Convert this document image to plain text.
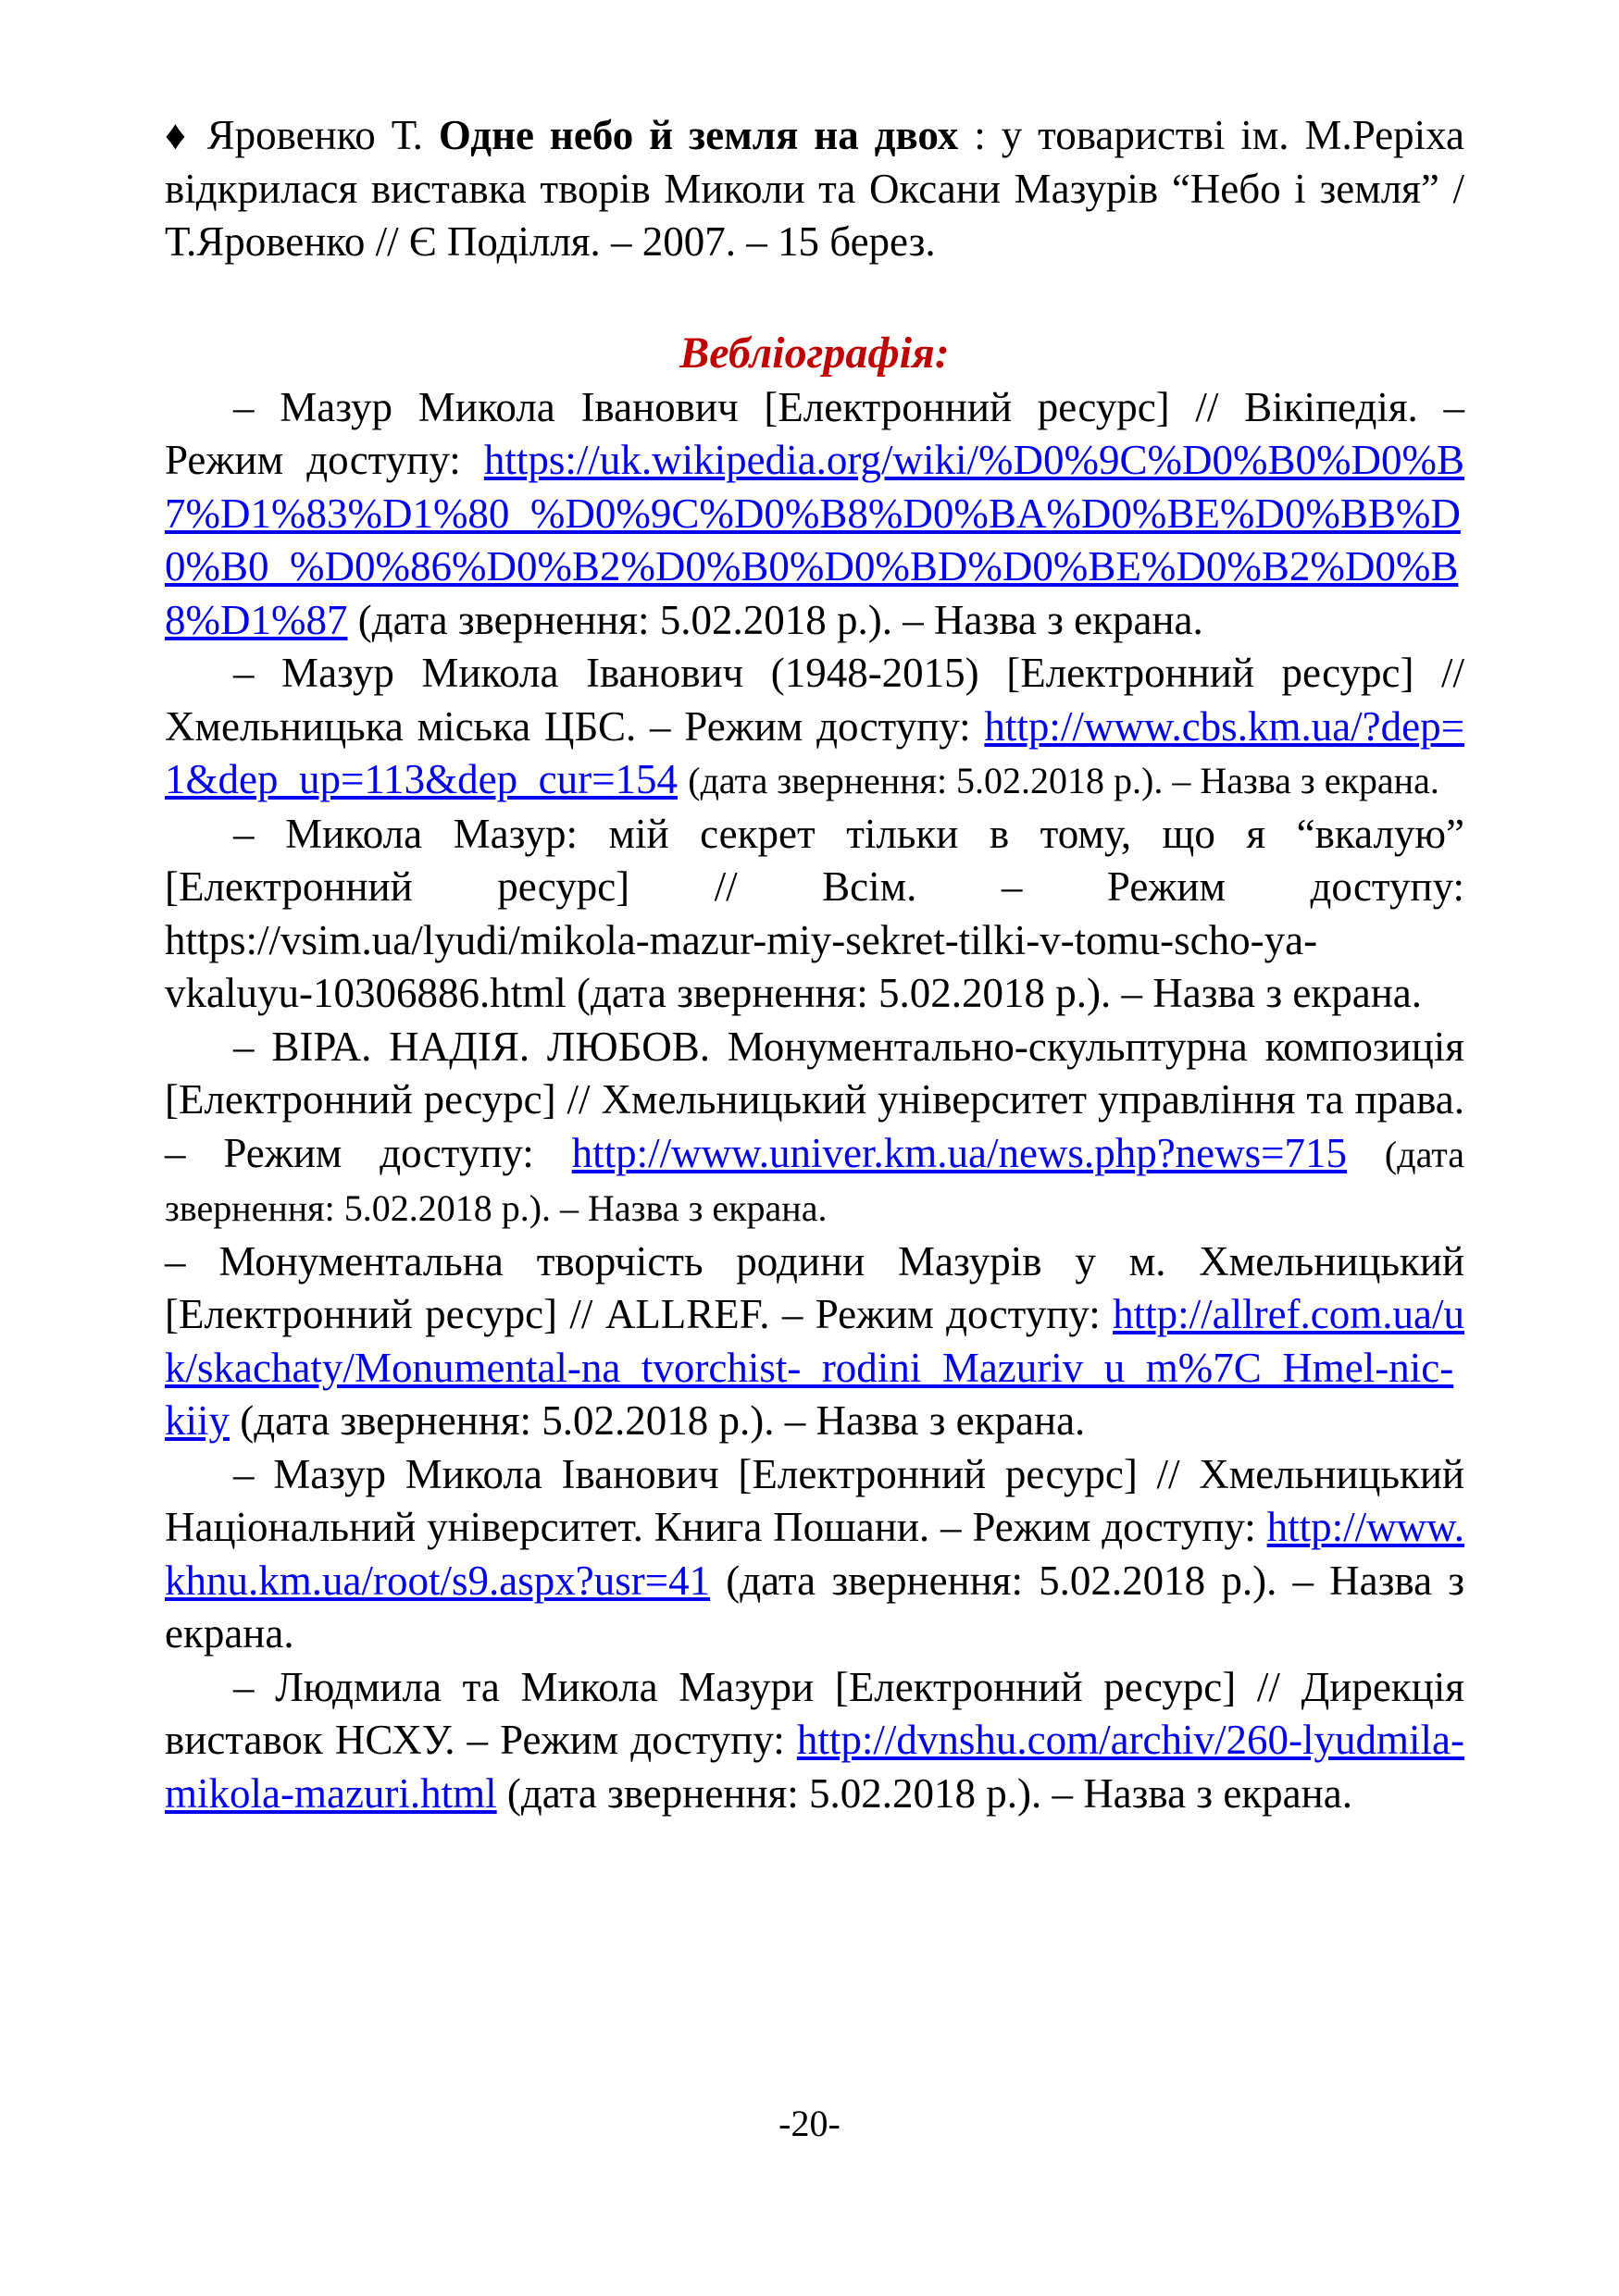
♦ Яровенко Т. Одне небо й земля на двох : у товаристві ім. М.Реріха відкрилася виставка творів Миколи та Оксани Мазурів “Небо і земля” / Т.Яровенко // Є Поділля. – 2007. – 15 берез.

Вебліографія:

– Мазур Микола Іванович [Електронний ресурс] // Вікіпедія. – Режим доступу: https://uk.wikipedia.org/wiki/%D0%9C%D0%B0%D0%B7%D1%83%D1%80_%D0%9C%D0%B8%D0%BA%D0%BE%D0%BB%D0%B0_%D0%86%D0%B2%D0%B0%D0%BD%D0%BE%D0%B2%D0%B8%D1%87 (дата звернення: 5.02.2018 р.). – Назва з екрана.

– Мазур Микола Іванович (1948-2015) [Електронний ресурс] // Хмельницька міська ЦБС. – Режим доступу: http://www.cbs.km.ua/?dep=1&dep_up=113&dep_cur=154 (дата звернення: 5.02.2018 р.). – Назва з екрана.

– Микола Мазур: мій секрет тільки в тому, що я “вкалую” [Електронний ресурс] // Всім. – Режим доступу: https://vsim.ua/lyudi/mikola-mazur-miy-sekret-tilki-v-tomu-scho-ya-vkaluyu-10306886.html (дата звернення: 5.02.2018 р.). – Назва з екрана.

– ВІРА. НАДІЯ. ЛЮБОВ. Монументально-скульптурна композиція [Електронний ресурс] // Хмельницький університет управління та права. – Режим доступу: http://www.univer.km.ua/news.php?news=715 (дата звернення: 5.02.2018 р.). – Назва з екрана.

– Монументальна творчість родини Мазурів у м. Хмельницький [Електронний ресурс] // ALLREF. – Режим доступу: http://allref.com.ua/uk/skachaty/Monumental-na_tvorchist-_rodini_Mazuriv_u_m%7C_Hmel-nic-kiiy (дата звернення: 5.02.2018 р.). – Назва з екрана.

– Мазур Микола Іванович [Електронний ресурс] // Хмельницький Національний університет. Книга Пошани. – Режим доступу: http://www.khnu.km.ua/root/s9.aspx?usr=41 (дата звернення: 5.02.2018 р.). – Назва з екрана.

– Людмила та Микола Мазури [Електронний ресурс] // Дирекція виставок НСХУ. – Режим доступу: http://dvnshu.com/archiv/260-lyudmila-mikola-mazuri.html (дата звернення: 5.02.2018 р.). – Назва з екрана.

-20-
